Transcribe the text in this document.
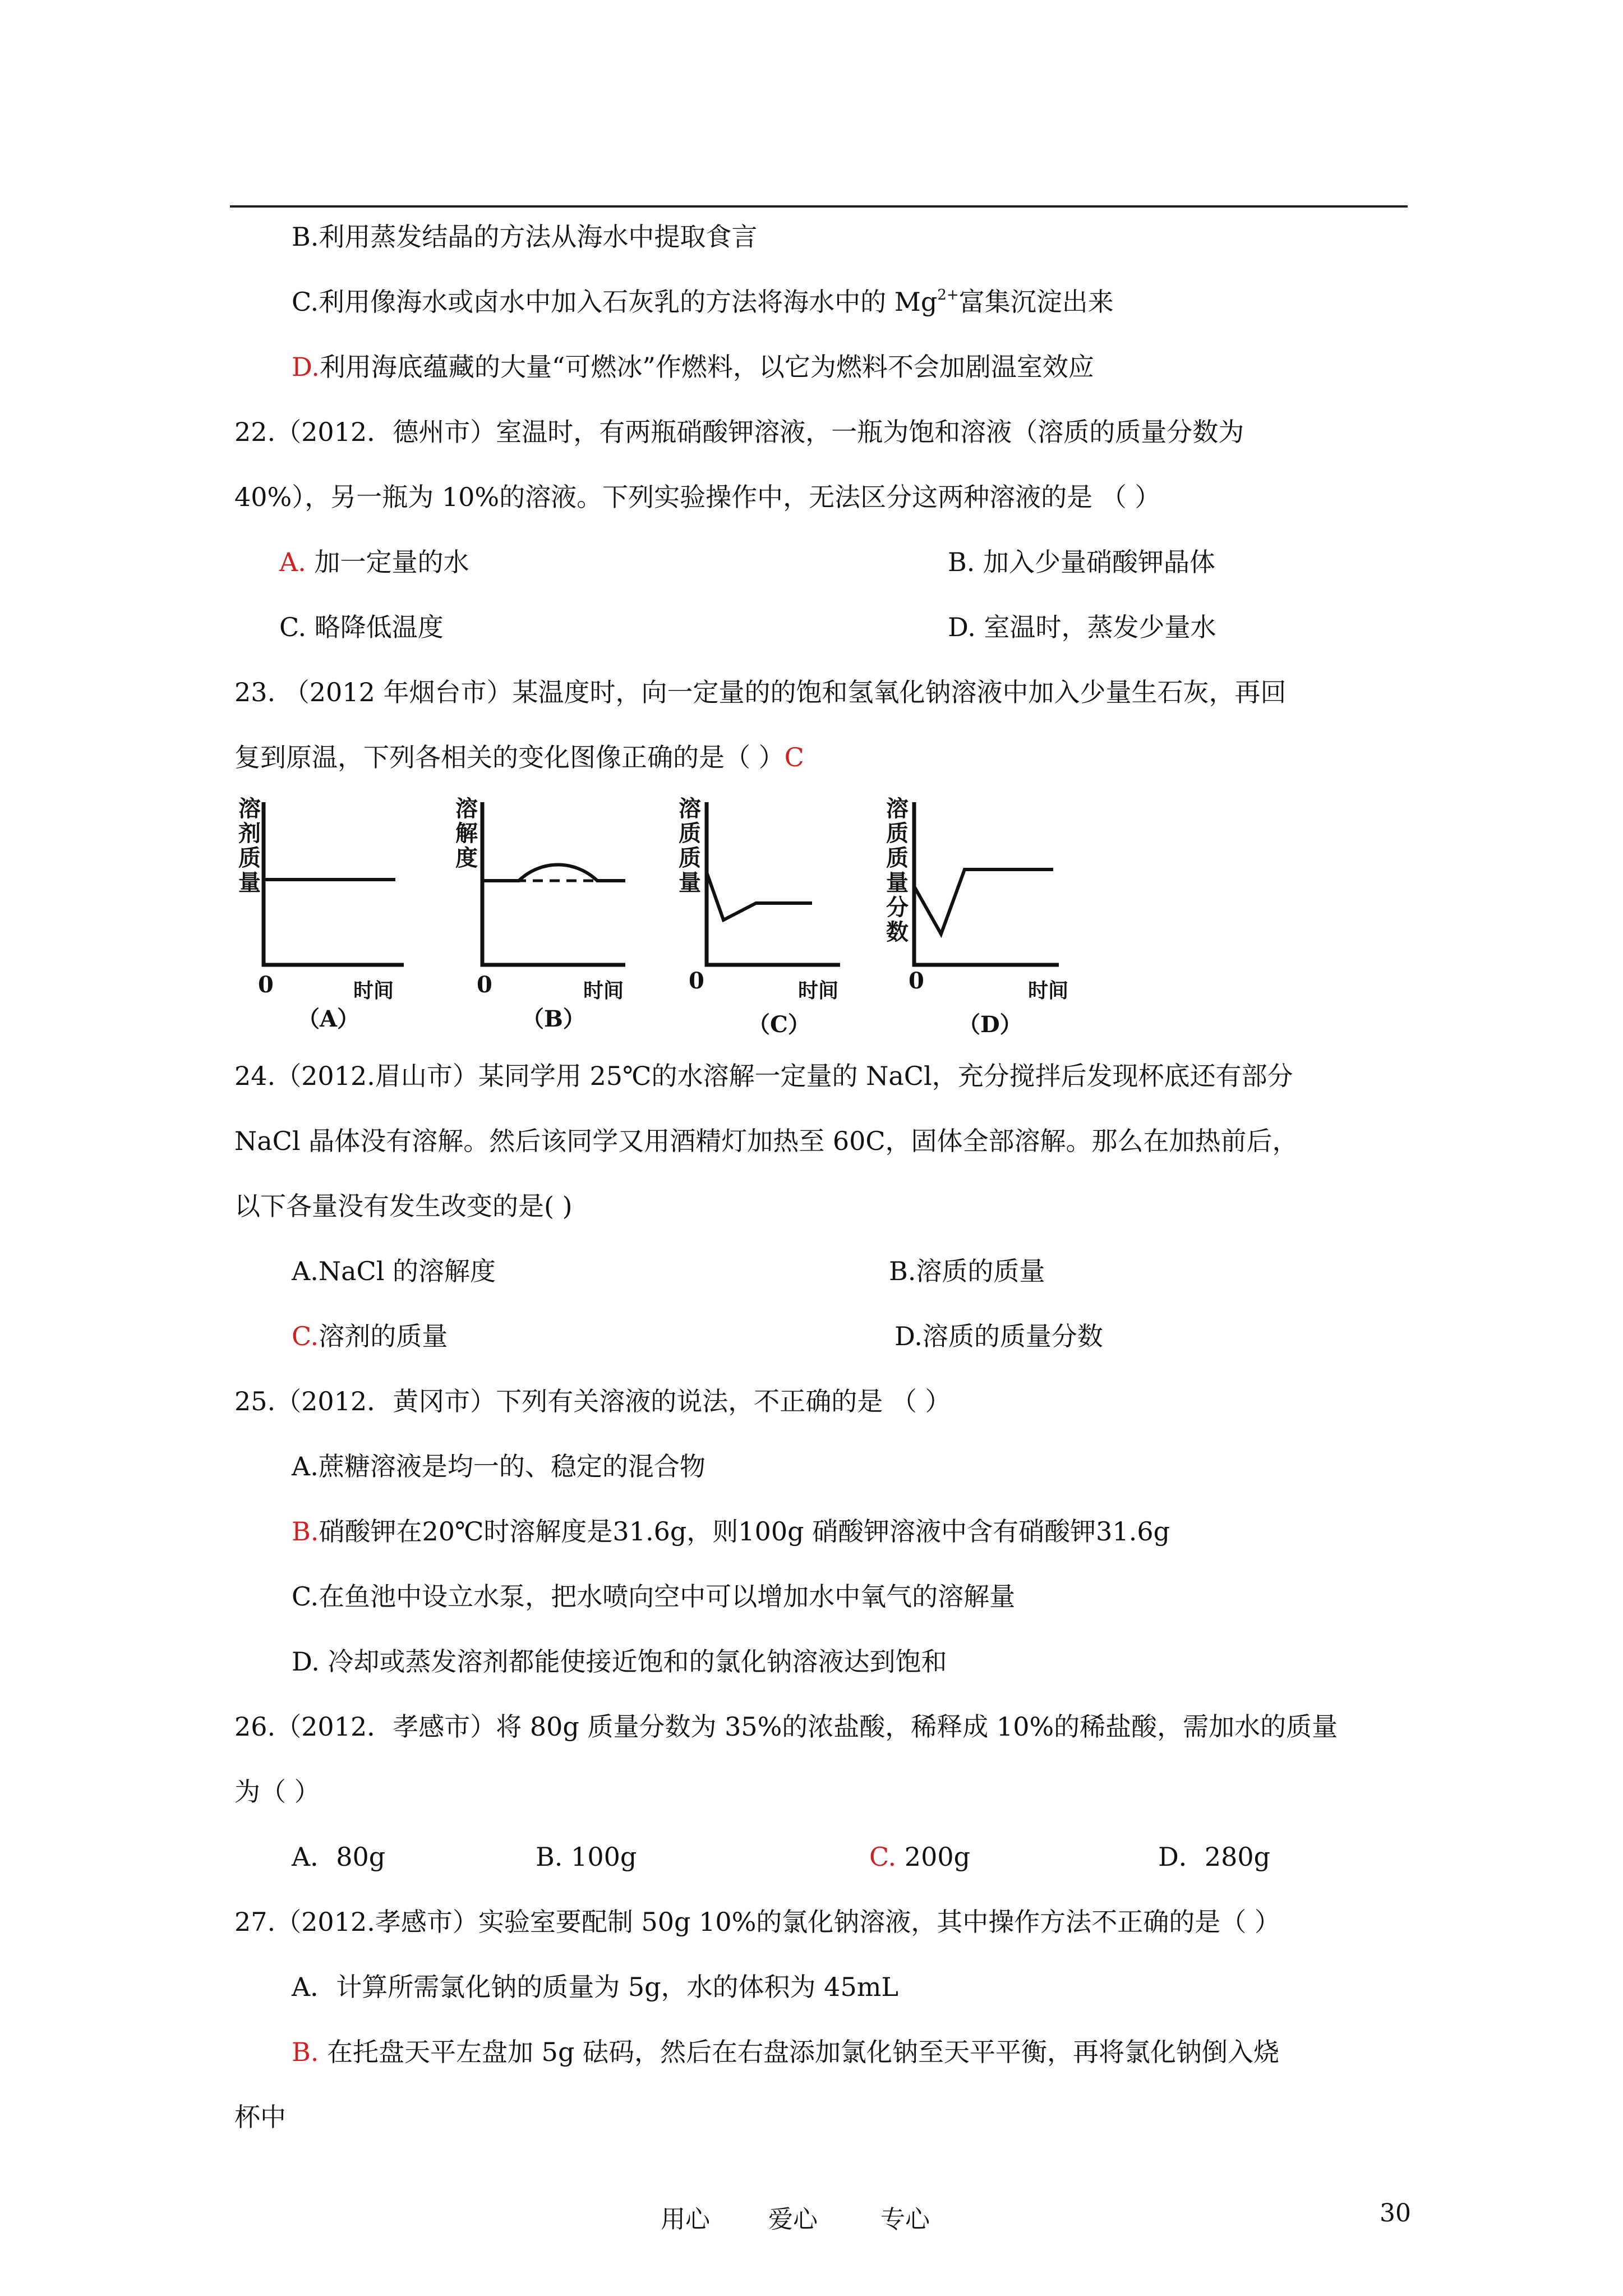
B.利用蒸发结晶的方法从海水中提取食言
C.利用像海水或卤水中加入石灰乳的方法将海水中的 $Mg^{2+}$富集沉淀出来
D.利用海底蕴藏的大量“可燃冰”作燃料，以它为燃料不会加剧温室效应
22.（2012．德州市）室温时，有两瓶硝酸钾溶液，一瓶为饱和溶液（溶质的质量分数为
40%），另一瓶为 10%的溶液。下列实验操作中，无法区分这两种溶液的是 （ ）
A. 加一定量的水	B. 加入少量硝酸钾晶体
C. 略降低温度	D. 室温时，蒸发少量水
23. （2012 年烟台市）某温度时，向一定量的的饱和氢氧化钠溶液中加入少量生石灰，再回
复到原温，下列各相关的变化图像正确的是（ ）C
溶剂质量
0	时间
（A）
溶解度
0	时间
（B）
溶质质量
0	时间
（C）
溶质质量分数
0	时间
（D）
24.（2012.眉山市）某同学用 25℃的水溶解一定量的 NaCl，充分搅拌后发现杯底还有部分
NaCl 晶体没有溶解。然后该同学又用酒精灯加热至 60C，固体全部溶解。那么在加热前后，
以下各量没有发生改变的是( )
A.NaCl 的溶解度	B.溶质的质量
C.溶剂的质量	D.溶质的质量分数
25.（2012．黄冈市）下列有关溶液的说法，不正确的是 （ ）
A.蔗糖溶液是均一的、稳定的混合物
B.硝酸钾在20℃时溶解度是31.6g，则100g 硝酸钾溶液中含有硝酸钾31.6g
C.在鱼池中设立水泵，把水喷向空中可以增加水中氧气的溶解量
D. 冷却或蒸发溶剂都能使接近饱和的氯化钠溶液达到饱和
26.（2012．孝感市）将 80g 质量分数为 35%的浓盐酸，稀释成 10%的稀盐酸，需加水的质量
为（ ）
A．80g	B. 100g	C. 200g	D．280g
27.（2012.孝感市）实验室要配制 50g 10%的氯化钠溶液，其中操作方法不正确的是（ ）
A．计算所需氯化钠的质量为 5g，水的体积为 45mL
B. 在托盘天平左盘加 5g 砝码，然后在右盘添加氯化钠至天平平衡，再将氯化钠倒入烧
杯中
用心 爱心	专心	30
